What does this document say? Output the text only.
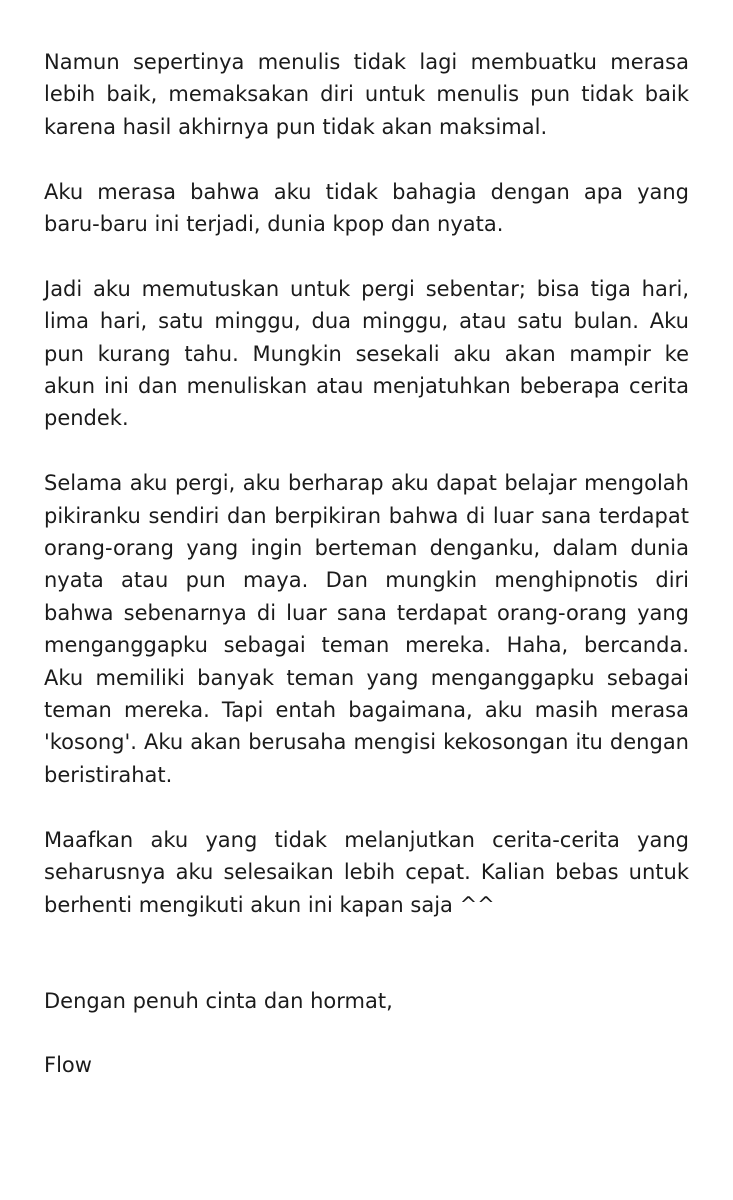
Namun sepertinya menulis tidak lagi membuatku merasa lebih baik, memaksakan diri untuk menulis pun tidak baik karena hasil akhirnya pun tidak akan maksimal.

Aku merasa bahwa aku tidak bahagia dengan apa yang baru-baru ini terjadi, dunia kpop dan nyata.

Jadi aku memutuskan untuk pergi sebentar; bisa tiga hari, lima hari, satu minggu, dua minggu, atau satu bulan. Aku pun kurang tahu. Mungkin sesekali aku akan mampir ke akun ini dan menuliskan atau menjatuhkan beberapa cerita pendek.

Selama aku pergi, aku berharap aku dapat belajar mengolah pikiranku sendiri dan berpikiran bahwa di luar sana terdapat orang-orang yang ingin berteman denganku, dalam dunia nyata atau pun maya. Dan mungkin menghipnotis diri bahwa sebenarnya di luar sana terdapat orang-orang yang menganggapku sebagai teman mereka. Haha, bercanda. Aku memiliki banyak teman yang menganggapku sebagai teman mereka. Tapi entah bagaimana, aku masih merasa 'kosong'. Aku akan berusaha mengisi kekosongan itu dengan beristirahat.

Maafkan aku yang tidak melanjutkan cerita-cerita yang seharusnya aku selesaikan lebih cepat. Kalian bebas untuk berhenti mengikuti akun ini kapan saja ^^

Dengan penuh cinta dan hormat,

Flow
